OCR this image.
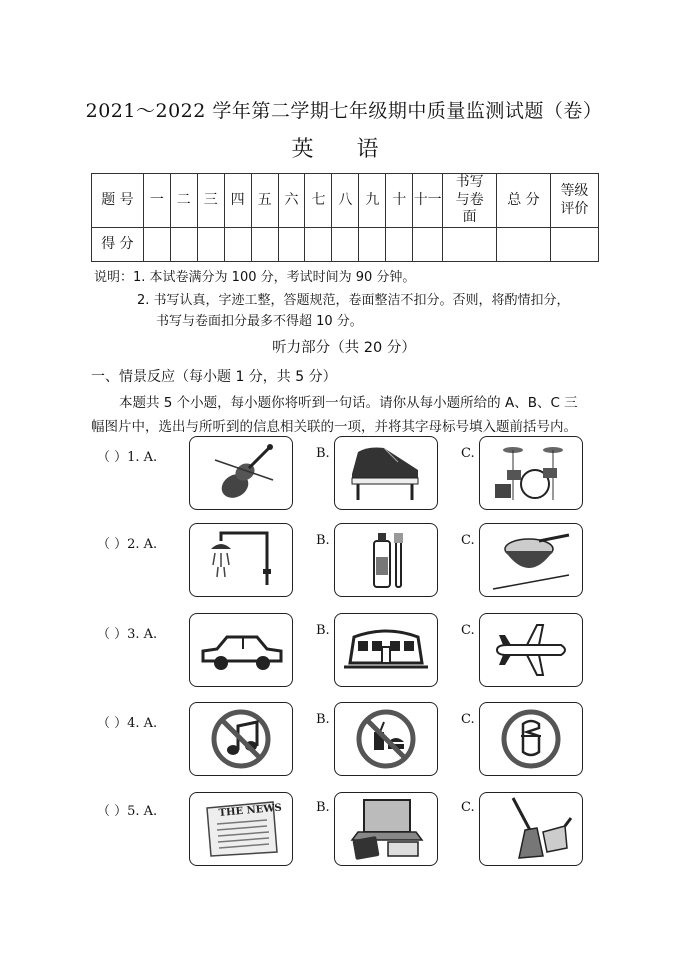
2021～2022 学年第二学期七年级期中质量监测试题（卷）
英 语
题 号	一	二	三	四	五	六	七	八	九	十	十一	书写与卷面	总 分	等级评价
得 分														
说明：1. 本试卷满分为 100 分，考试时间为 90 分钟。
2. 书写认真，字迹工整，答题规范，卷面整洁不扣分。否则，将酌情扣分，
书写与卷面扣分最多不得超 10 分。
听力部分（共 20 分）
一、情景反应（每小题 1 分，共 5 分）
本题共 5 个小题，每小题你将听到一句话。请你从每小题所给的 A、B、C 三
幅图片中，选出与所听到的信息相关联的一项，并将其字母标号填入题前括号内。
（ ）1. A.	B.	C.
（ ）2. A.	B.	C.
（ ）3. A.	B.	C.
（ ）4. A.	B.	C.
（ ）5. A.	THE NEWS	B.	C.
